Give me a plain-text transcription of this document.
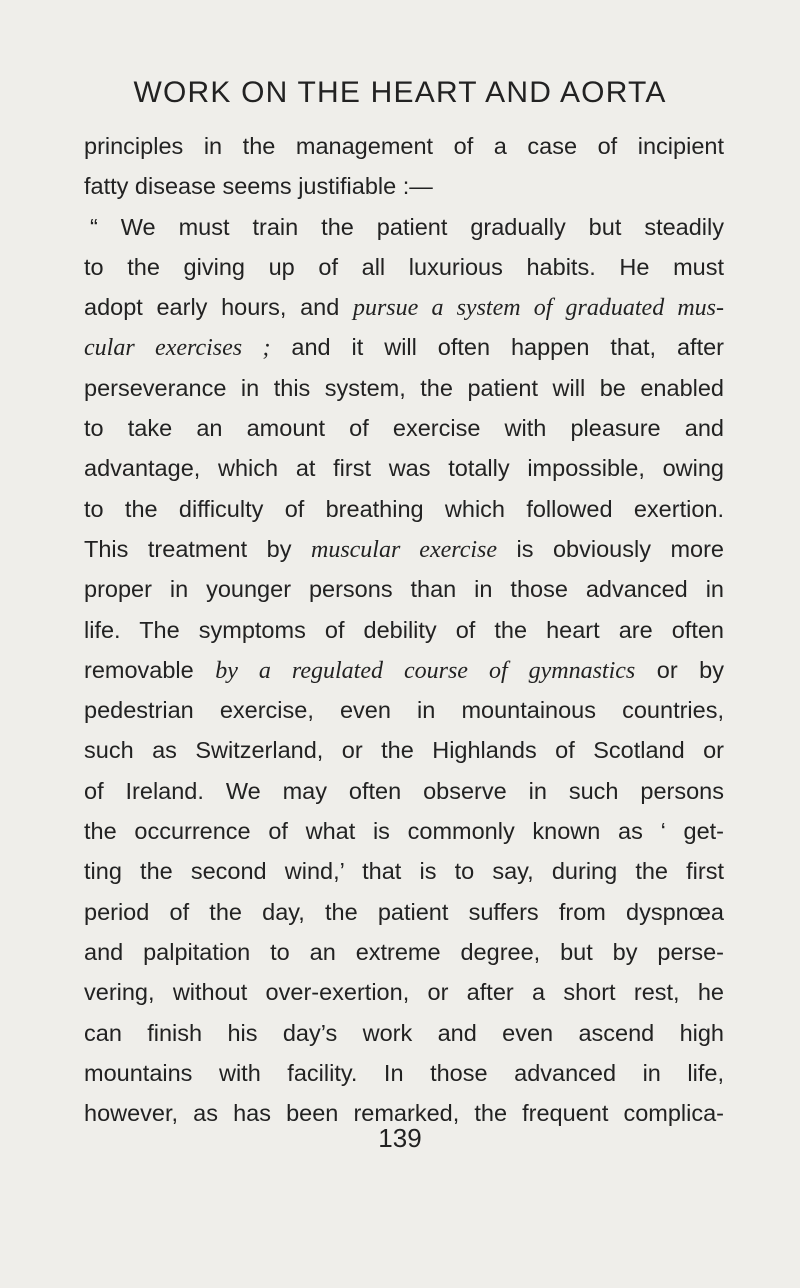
WORK ON THE HEART AND AORTA
principles in the management of a case of incipient
fatty disease seems justifiable :—
“ We must train the patient gradually but steadily
to the giving up of all luxurious habits. He must
adopt early hours, and pursue a system of graduated mus-
cular exercises ; and it will often happen that, after
perseverance in this system, the patient will be enabled
to take an amount of exercise with pleasure and
advantage, which at first was totally impossible, owing
to the difficulty of breathing which followed exertion.
This treatment by muscular exercise is obviously more
proper in younger persons than in those advanced in
life. The symptoms of debility of the heart are often
removable by a regulated course of gymnastics or by
pedestrian exercise, even in mountainous countries,
such as Switzerland, or the Highlands of Scotland or
of Ireland. We may often observe in such persons
the occurrence of what is commonly known as ‘ get-
ting the second wind,’ that is to say, during the first
period of the day, the patient suffers from dyspnœa
and palpitation to an extreme degree, but by perse-
vering, without over-exertion, or after a short rest, he
can finish his day’s work and even ascend high
mountains with facility. In those advanced in life,
however, as has been remarked, the frequent complica-
139
